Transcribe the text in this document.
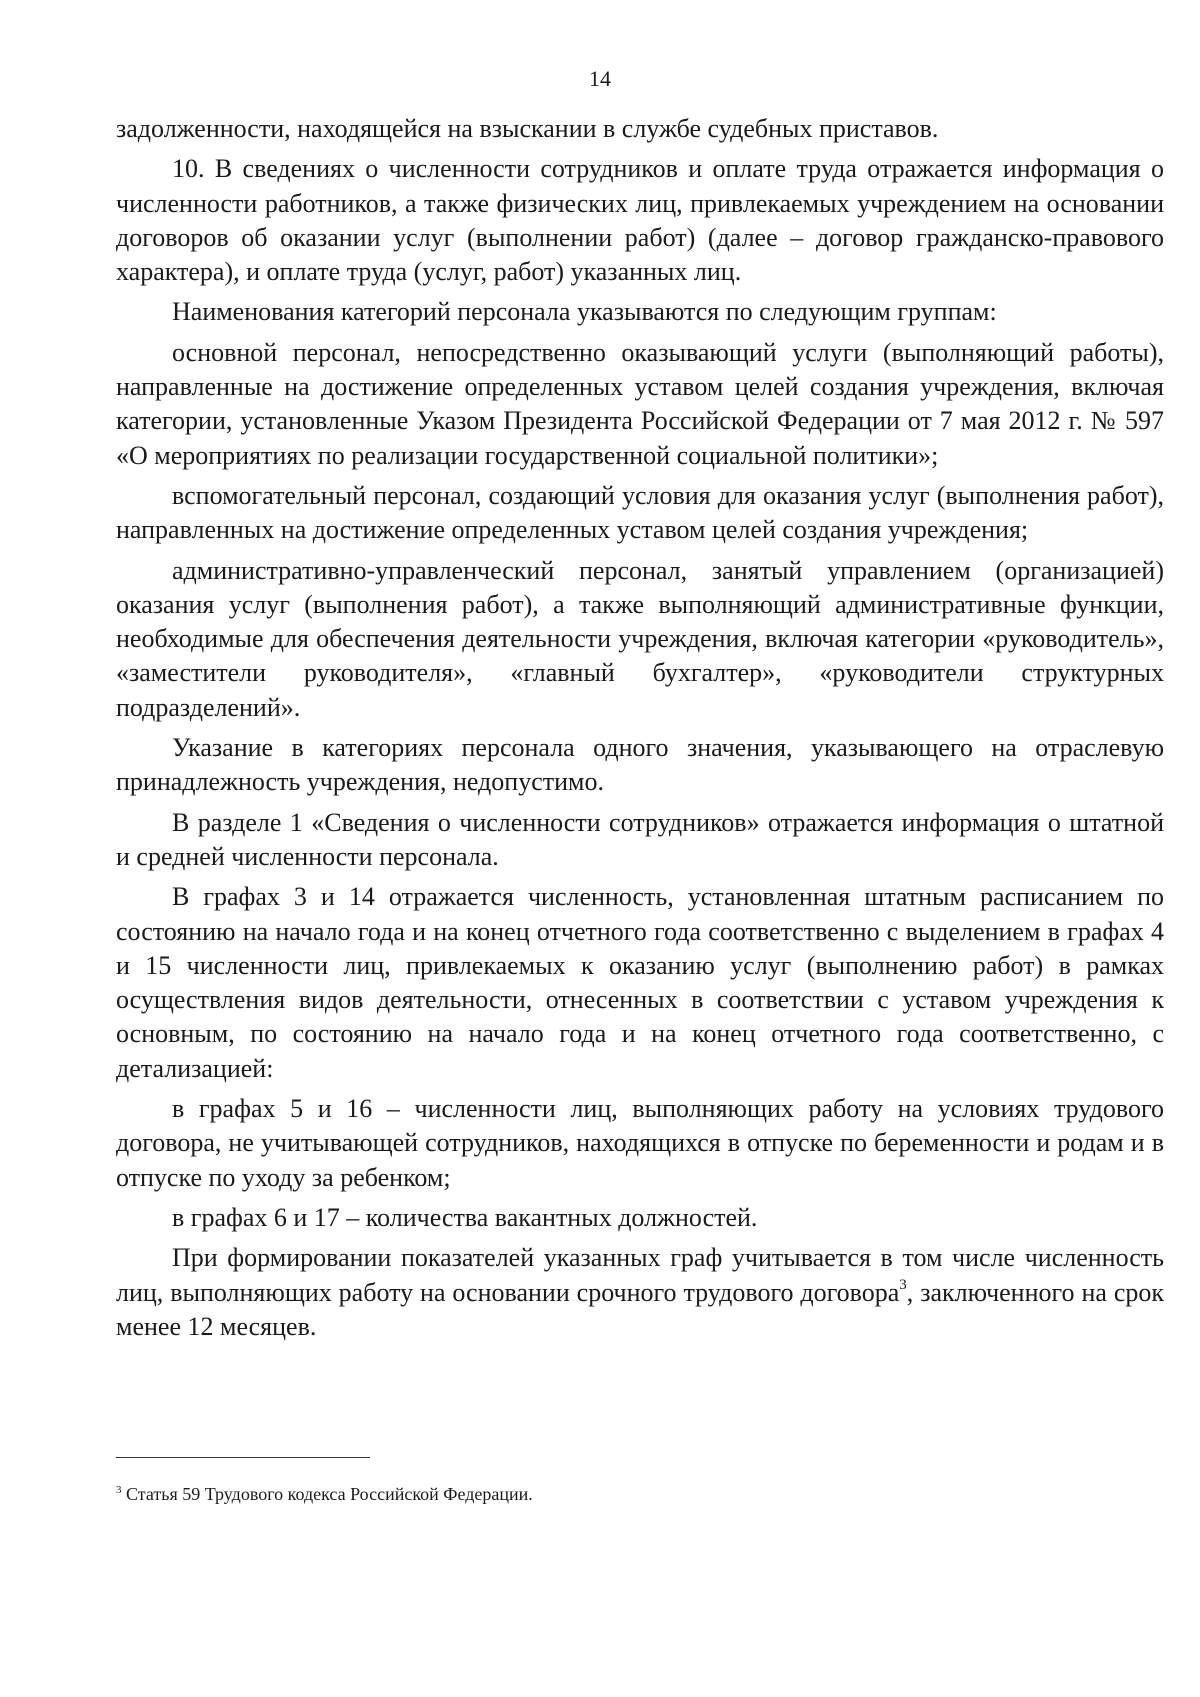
14

задолженности, находящейся на взыскании в службе судебных приставов.

10. В сведениях о численности сотрудников и оплате труда отражается информация о численности работников, а также физических лиц, привлекаемых учреждением на основании договоров об оказании услуг (выполнении работ) (далее – договор гражданско-правового характера), и оплате труда (услуг, работ) указанных лиц.

Наименования категорий персонала указываются по следующим группам:

основной персонал, непосредственно оказывающий услуги (выполняющий работы), направленные на достижение определенных уставом целей создания учреждения, включая категории, установленные Указом Президента Российской Федерации от 7 мая 2012 г. № 597 «О мероприятиях по реализации государственной социальной политики»;

вспомогательный персонал, создающий условия для оказания услуг (выполнения работ), направленных на достижение определенных уставом целей создания учреждения;

административно-управленческий персонал, занятый управлением (организацией) оказания услуг (выполнения работ), а также выполняющий административные функции, необходимые для обеспечения деятельности учреждения, включая категории «руководитель», «заместители руководителя», «главный бухгалтер», «руководители структурных подразделений».

Указание в категориях персонала одного значения, указывающего на отраслевую принадлежность учреждения, недопустимо.

В разделе 1 «Сведения о численности сотрудников» отражается информация о штатной и средней численности персонала.

В графах 3 и 14 отражается численность, установленная штатным расписанием по состоянию на начало года и на конец отчетного года соответственно с выделением в графах 4 и 15 численности лиц, привлекаемых к оказанию услуг (выполнению работ) в рамках осуществления видов деятельности, отнесенных в соответствии с уставом учреждения к основным, по состоянию на начало года и на конец отчетного года соответственно, с детализацией:

в графах 5 и 16 – численности лиц, выполняющих работу на условиях трудового договора, не учитывающей сотрудников, находящихся в отпуске по беременности и родам и в отпуске по уходу за ребенком;

в графах 6 и 17 – количества вакантных должностей.

При формировании показателей указанных граф учитывается в том числе численность лиц, выполняющих работу на основании срочного трудового договора$^3$, заключенного на срок менее 12 месяцев.

$^3$ Статья 59 Трудового кодекса Российской Федерации.
